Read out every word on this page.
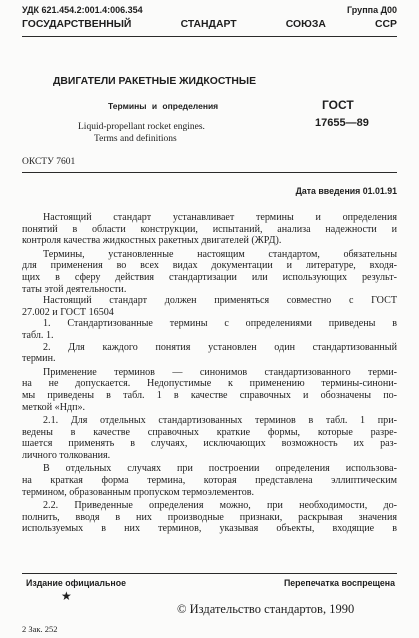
УДК 621.454.2:001.4:006.354	Группа Д00
ГОСУДАРСТВЕННЫЙ СТАНДАРТ СОЮЗА ССР
ДВИГАТЕЛИ РАКЕТНЫЕ ЖИДКОСТНЫЕ
Термины и определения
Liquid-propellant rocket engines.
Terms and definitions
ГОСТ
17655—89
ОКСТУ 7601
Дата введения 01.01.91

Настоящий стандарт устанавливает термины и определения

понятий в области конструкции, испытаний, анализа надежности и

контроля качества жидкостных ракетных двигателей (ЖРД).

Термины, установленные настоящим стандартом, обязательны

для применения во всех видах документации и литературе, входя-

щих в сферу действия стандартизации или использующих результ-

таты этой деятельности.

Настоящий стандарт должен применяться совместно с ГОСТ

27.002 и ГОСТ 16504

1. Стандартизованные термины с определениями приведены в

табл. 1.

2. Для каждого понятия установлен один стандартизованный

термин.

Применение терминов — синонимов стандартизованного терми-

на не допускается. Недопустимые к применению термины-синони-

мы приведены в табл. 1 в качестве справочных и обозначены по-

меткой «Ндп».

2.1. Для отдельных стандартизованных терминов в табл. 1 при-

ведены в качестве справочных краткие формы, которые разре-

шается применять в случаях, исключающих возможность их раз-

личного толкования.

В отдельных случаях при построении определения использова-

на краткая форма термина, которая представлена эллиптическим

термином, образованным пропуском термоэлементов.

2.2. Приведенные определения можно, при необходимости, до-

полнить, вводя в них производные признаки, раскрывая значения

используемых в них терминов, указывая объекты, входящие в

Издание официальное	Перепечатка воспрещена
★
© Издательство стандартов, 1990
2 Зак. 252
